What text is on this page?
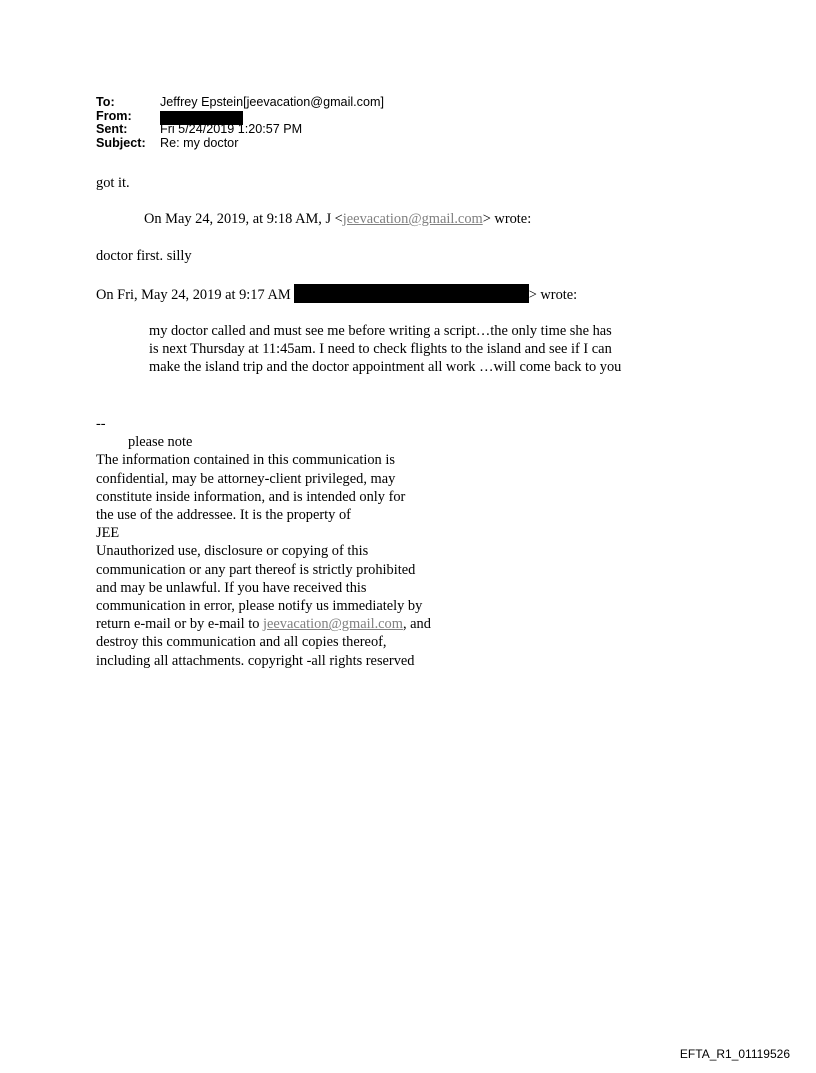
To:	Jeffrey Epstein[jeevacation@gmail.com]
From:
Sent:	Fri 5/24/2019 1:20:57 PM
Subject:	Re: my doctor
got it.
On May 24, 2019, at 9:18 AM, J <jeevacation@gmail.com> wrote:
doctor first. silly
On Fri, May 24, 2019 at 9:17 AM	> wrote:
my doctor called and must see me before writing a script…the only time she has
is next Thursday at 11:45am. I need to check flights to the island and see if I can
make the island trip and the doctor appointment all work …will come back to you
--
please note
The information contained in this communication is
confidential, may be attorney-client privileged, may
constitute inside information, and is intended only for
the use of the addressee. It is the property of
JEE
Unauthorized use, disclosure or copying of this
communication or any part thereof is strictly prohibited
and may be unlawful. If you have received this
communication in error, please notify us immediately by
return e-mail or by e-mail to jeevacation@gmail.com, and
destroy this communication and all copies thereof,
including all attachments. copyright -all rights reserved
EFTA_R1_01119526
